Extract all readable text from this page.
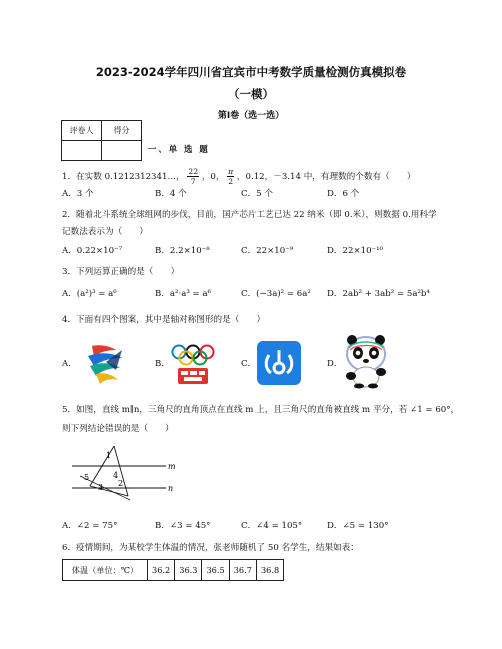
2023-2024学年四川省宜宾市中考数学质量检测仿真模拟卷
（一模）
第Ⅰ卷（选一选）
评卷人	得分

一、单 选 题
1．在实数 0.1212312341…， $\frac{22}{7}$ ，0， $\frac{\pi}{2}$ ，0.12，－3.14 中，有理数的个数有（　　）
A．3 个	B．4 个	C．5 个	D．6 个
2．随着北斗系统全球组网的步伐，目前，国产芯片工艺已达 22 纳米（即 0.米），则数据 0.用科学
记数法表示为（　　）
A．0.22×10⁻⁷	B．2.2×10⁻⁸	C．22×10⁻⁹	D．22×10⁻¹⁰
3．下列运算正确的是（　　）
A．(a²)³ = a⁶	B．a²·a³ = a⁶	C．(−3a)² = 6a² D．2ab² + 3ab² = 5a²b⁴
4．下面有四个图案，其中是轴对称图形的是（　　）
A．	B．	C．	D．
5．如图，直线 m∥n，三角尺的直角顶点在直线 m 上，且三角尺的直角被直线 m 平分，若 ∠1 = 60°，
则下列结论错误的是（　　）
m
n
1
2
3
4
5
A．∠2 = 75°	B．∠3 = 45°	C．∠4 = 105°	D．∠5 = 130°
6．疫情期间，为某校学生体温的情况，张老师随机了 50 名学生，结果如表：
体温（单位：℃）	36.2	36.3	36.5	36.7	36.8
